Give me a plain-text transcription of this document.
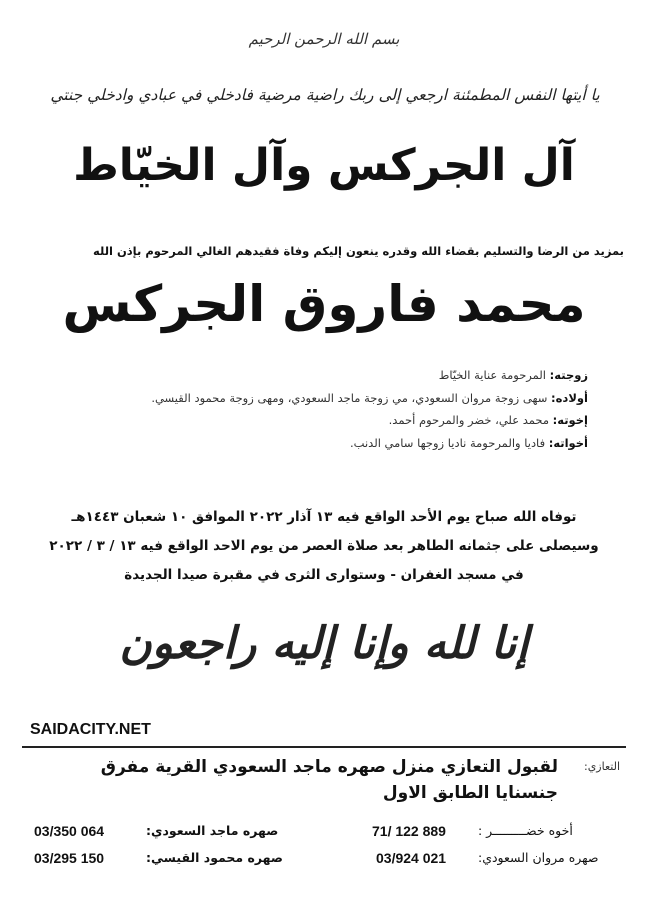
بسم الله الرحمن الرحيم
يا أيتها النفس المطمئنة ارجعي إلى ربك راضية مرضية فادخلي في عبادي وادخلي جنتي
آل الجركس وآل الخيّاط
بمزيد من الرضا والتسليم بقضاء الله وقدره ينعون إليكم وفاة فقيدهم الغالي المرحوم بإذن الله
محمد فاروق الجركس
زوجته: المرحومة عناية الخيّاط
أولاده: سهى زوجة مروان السعودي، مي زوجة ماجد السعودي، ومهى زوجة محمود القيسي.
إخوته: محمد علي، خضر والمرحوم أحمد.
أخواته: فاديا والمرحومة ناديا زوجها سامي الدنب.
توفاه الله صباح يوم الأحد الواقع فيه ١٣ آذار ٢٠٢٢ الموافق ١٠ شعبان ١٤٤٣هـ
وسيصلى على جثمانه الطاهر بعد صلاة العصر من يوم الاحد الواقع فيه ١٣ / ٣ / ٢٠٢٢
في مسجد الغفران - وستوارى الثرى في مقبرة صيدا الجديدة
إنا لله وإنا إليه راجعون
SAIDACITY.NET
التعازي:
لقبول التعازي منزل صهره ماجد السعودي القرية مفرق
جنسنايا الطابق الاول
03/350 064	صهره ماجد السعودي:
03/295 150	صهره محمود القيسي:
71/ 122 889	أخوه خضـــــــــر :
03/924 021	صهره مروان السعودي:
